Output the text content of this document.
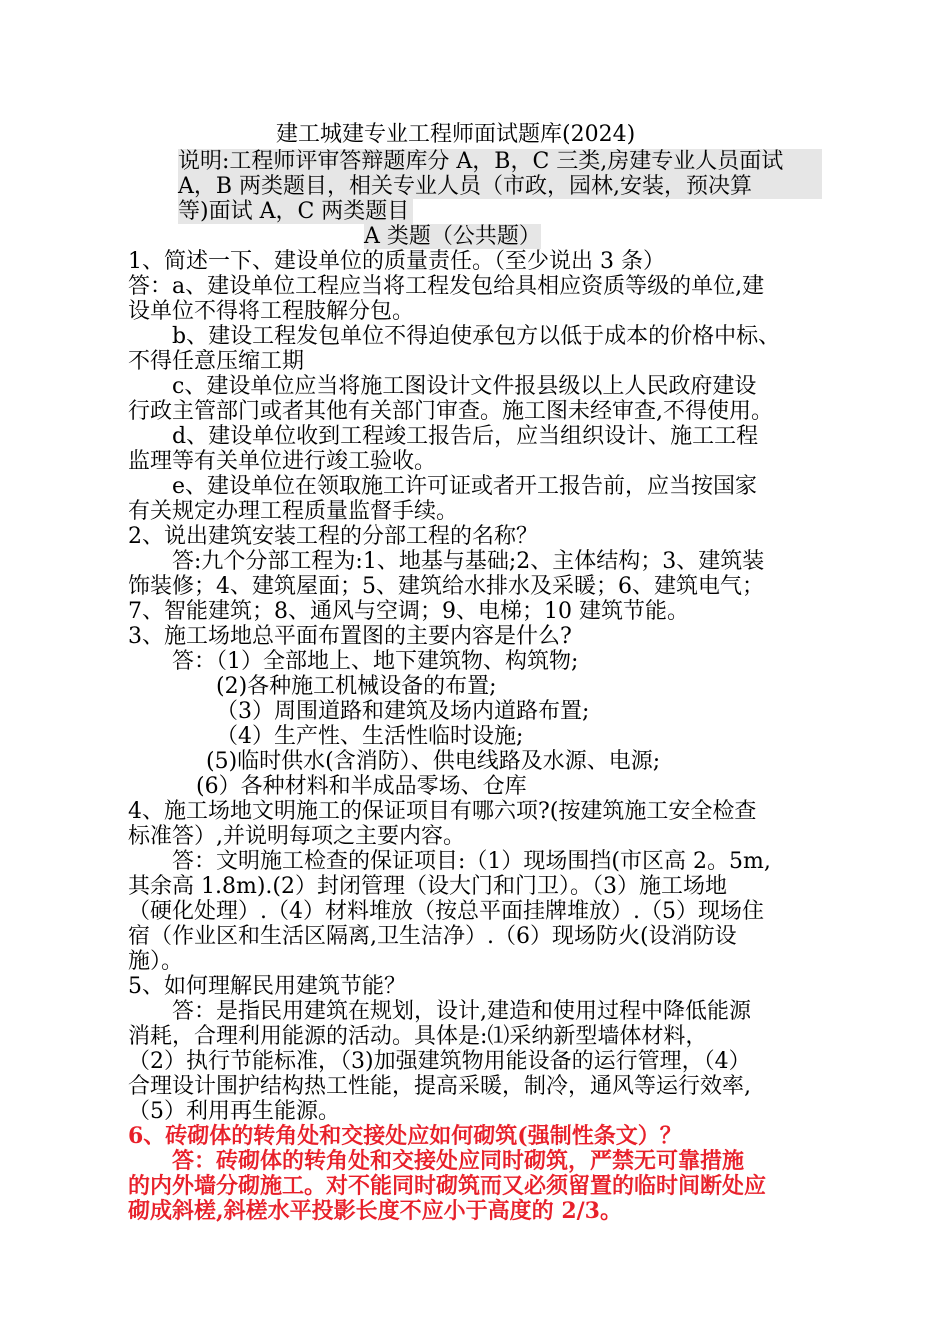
建工城建专业工程师面试题库(2024)
说明:工程师评审答辩题库分 A，B，C 三类,房建专业人员面试
A，B 两类题目，相关专业人员（市政，园林,安装，预决算
等)面试 A，C 两类题目
A 类题（公共题）
1、简述一下、建设单位的质量责任。（至少说出 3 条）
答：a、建设单位工程应当将工程发包给具相应资质等级的单位,建
设单位不得将工程肢解分包。
b、建设工程发包单位不得迫使承包方以低于成本的价格中标、
不得任意压缩工期
c、建设单位应当将施工图设计文件报县级以上人民政府建设
行政主管部门或者其他有关部门审查。施工图未经审查,不得使用。
d、建设单位收到工程竣工报告后，应当组织设计、施工工程
监理等有关单位进行竣工验收。
e、建设单位在领取施工许可证或者开工报告前，应当按国家
有关规定办理工程质量监督手续。
2、说出建筑安装工程的分部工程的名称？
答:九个分部工程为:1、地基与基础;2、主体结构；3、建筑装
饰装修；4、建筑屋面；5、建筑给水排水及采暖；6、建筑电气；
7、智能建筑；8、通风与空调；9、电梯；10 建筑节能。
3、施工场地总平面布置图的主要内容是什么?
答：（1）全部地上、地下建筑物、构筑物;
(2)各种施工机械设备的布置;
（3）周围道路和建筑及场内道路布置;
（4）生产性、生活性临时设施;
(5)临时供水(含消防）、供电线路及水源、电源;
(6）各种材料和半成品零场、仓库
4、施工场地文明施工的保证项目有哪六项?(按建筑施工安全检查
标准答）,并说明每项之主要内容。
答：文明施工检查的保证项目:（1）现场围挡(市区高 2。5m,
其余高 1.8m).(2）封闭管理（设大门和门卫）。（3）施工场地
（硬化处理）.（4）材料堆放（按总平面挂牌堆放）.（5）现场住
宿（作业区和生活区隔离,卫生洁净）.（6）现场防火(设消防设
施）。
5、如何理解民用建筑节能？
答：是指民用建筑在规划，设计,建造和使用过程中降低能源
消耗，合理利用能源的活动。具体是:⑴采纳新型墙体材料，
（2）执行节能标准，（3)加强建筑物用能设备的运行管理，（4）
合理设计围护结构热工性能，提高采暖，制冷，通风等运行效率,
（5）利用再生能源。
6、砖砌体的转角处和交接处应如何砌筑(强制性条文）？
答：砖砌体的转角处和交接处应同时砌筑，严禁无可靠措施
的内外墙分砌施工。对不能同时砌筑而又必须留置的临时间断处应
砌成斜槎,斜槎水平投影长度不应小于高度的 2/3。
